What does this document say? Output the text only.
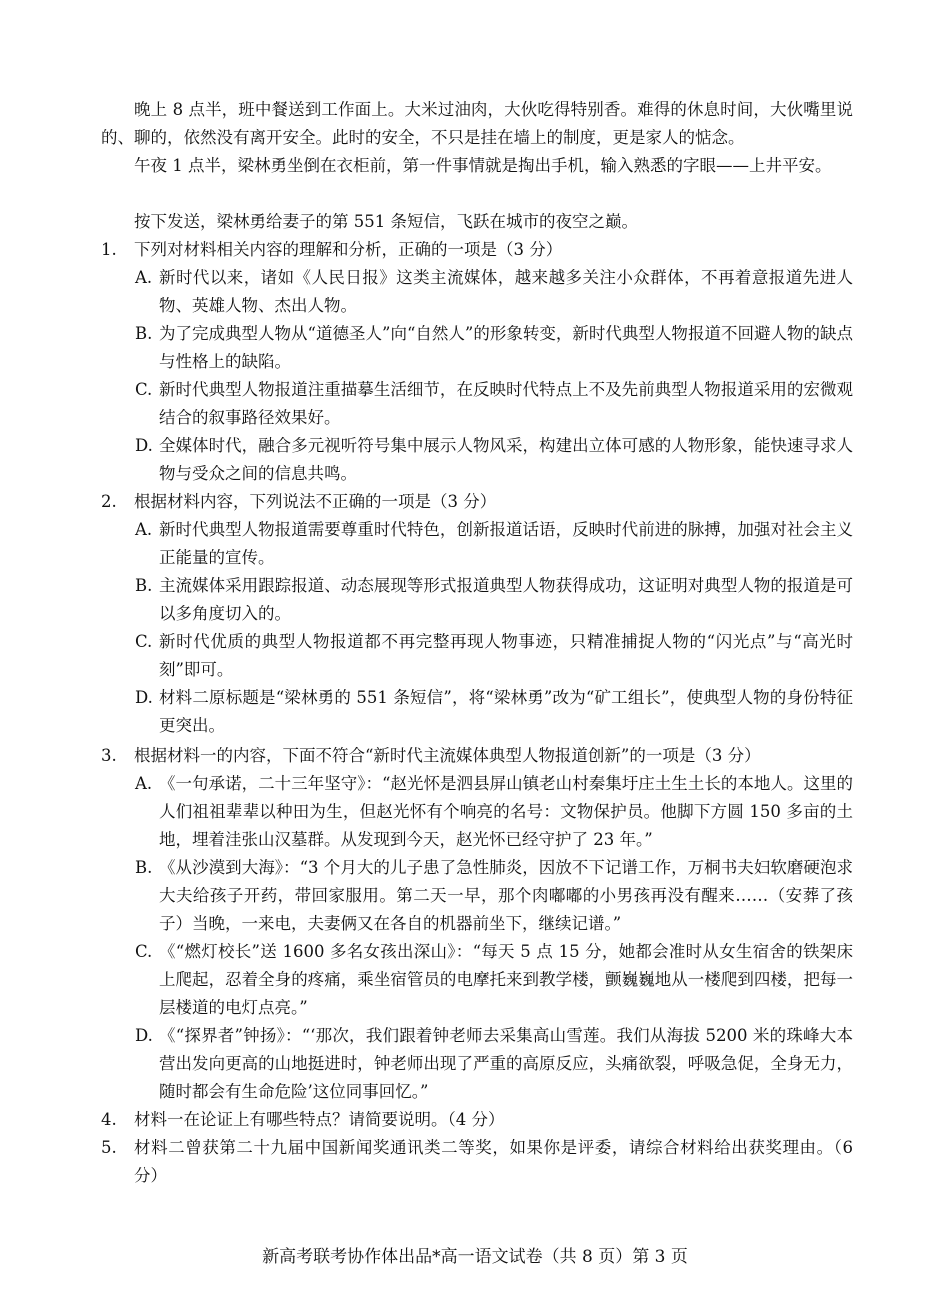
晚上 8 点半，班中餐送到工作面上。大米过油肉，大伙吃得特别香。难得的休息时间，大伙嘴里说的、聊的，依然没有离开安全。此时的安全，不只是挂在墙上的制度，更是家人的惦念。

午夜 1 点半，梁林勇坐倒在衣柜前，第一件事情就是掏出手机，输入熟悉的字眼——上井平安。

按下发送，梁林勇给妻子的第 551 条短信，飞跃在城市的夜空之巅。

1.	下列对材料相关内容的理解和分析，正确的一项是（3 分）
A. 新时代以来，诸如《人民日报》这类主流媒体，越来越多关注小众群体，不再着意报道先进人物、英雄人物、杰出人物。
B. 为了完成典型人物从“道德圣人”向“自然人”的形象转变，新时代典型人物报道不回避人物的缺点与性格上的缺陷。
C. 新时代典型人物报道注重描摹生活细节，在反映时代特点上不及先前典型人物报道采用的宏微观结合的叙事路径效果好。
D. 全媒体时代，融合多元视听符号集中展示人物风采，构建出立体可感的人物形象，能快速寻求人物与受众之间的信息共鸣。
2.	根据材料内容，下列说法不正确的一项是（3 分）
A. 新时代典型人物报道需要尊重时代特色，创新报道话语，反映时代前进的脉搏，加强对社会主义正能量的宣传。
B. 主流媒体采用跟踪报道、动态展现等形式报道典型人物获得成功，这证明对典型人物的报道是可以多角度切入的。
C. 新时代优质的典型人物报道都不再完整再现人物事迹，只精准捕捉人物的“闪光点”与“高光时刻”即可。
D. 材料二原标题是“梁林勇的 551 条短信”，将“梁林勇”改为“矿工组长”，使典型人物的身份特征更突出。
3.	根据材料一的内容，下面不符合“新时代主流媒体典型人物报道创新”的一项是（3 分）
A. 《一句承诺，二十三年坚守》：“赵光怀是泗县屏山镇老山村秦集圩庄土生土长的本地人。这里的人们祖祖辈辈以种田为生，但赵光怀有个响亮的名号：文物保护员。他脚下方圆 150 多亩的土地，埋着洼张山汉墓群。从发现到今天，赵光怀已经守护了 23 年。”
B. 《从沙漠到大海》：“3 个月大的儿子患了急性肺炎，因放不下记谱工作，万桐书夫妇软磨硬泡求大夫给孩子开药，带回家服用。第二天一早，那个肉嘟嘟的小男孩再没有醒来……（安葬了孩子）当晚，一来电，夫妻俩又在各自的机器前坐下，继续记谱。”
C. 《“燃灯校长”送 1600 多名女孩出深山》：“每天 5 点 15 分，她都会准时从女生宿舍的铁架床上爬起，忍着全身的疼痛，乘坐宿管员的电摩托来到教学楼，颤巍巍地从一楼爬到四楼，把每一层楼道的电灯点亮。”
D. 《“探界者”钟扬》：“‘那次，我们跟着钟老师去采集高山雪莲。我们从海拔 5200 米的珠峰大本营出发向更高的山地挺进时，钟老师出现了严重的高原反应，头痛欲裂，呼吸急促，全身无力，随时都会有生命危险’这位同事回忆。”
4.	材料一在论证上有哪些特点？请简要说明。（4 分）
5.	材料二曾获第二十九届中国新闻奖通讯类二等奖，如果你是评委，请综合材料给出获奖理由。（6 分）
新高考联考协作体出品*高一语文试卷（共 8 页）第 3 页
